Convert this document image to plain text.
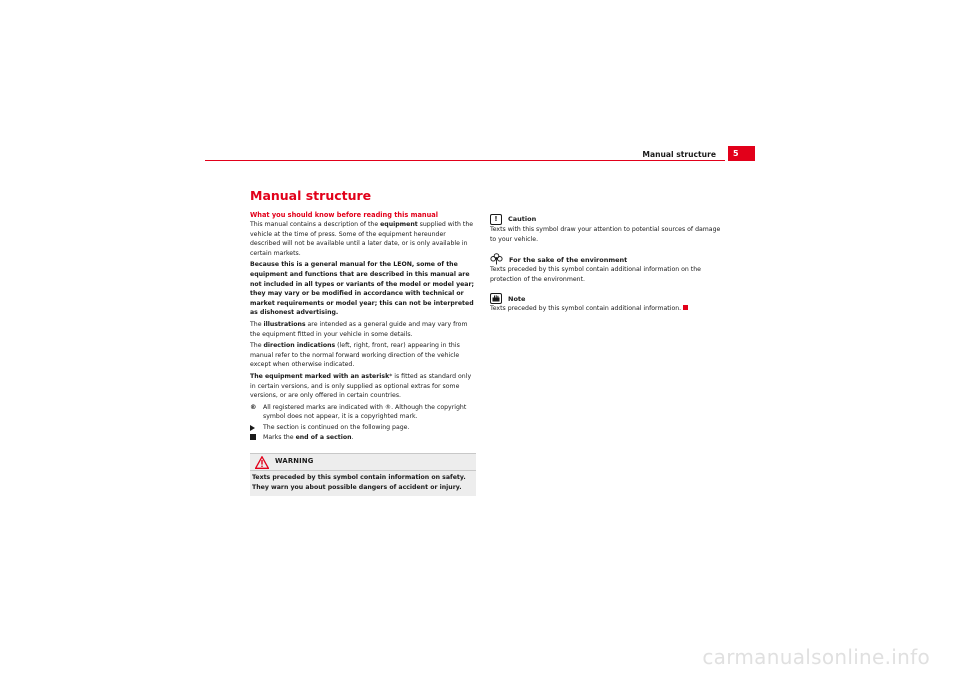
Manual structure	5
Manual structure
What you should know before reading this manual

This manual contains a description of the equipment supplied with the vehicle at the time of press. Some of the equipment hereunder described will not be available until a later date, or is only available in certain markets.

Because this is a general manual for the LEON, some of the equipment and functions that are described in this manual are not included in all types or variants of the model or model year; they may vary or be modified in accordance with technical or market requirements or model year; this can not be interpreted as dishonest advertising.

The illustrations are intended as a general guide and may vary from the equipment fitted in your vehicle in some details.

The direction indications (left, right, front, rear) appearing in this manual refer to the normal forward working direction of the vehicle except when otherwise indicated.

The equipment marked with an asterisk* is fitted as standard only in certain versions, and is only supplied as optional extras for some versions, or are only offered in certain countries.

® All registered marks are indicated with ®. Although the copyright symbol does not appear, it is a copyrighted mark.
The section is continued on the following page.
Marks the end of a section.
WARNING

Texts preceded by this symbol contain information on safety. They warn you about possible dangers of accident or injury.

!	Caution

Texts with this symbol draw your attention to potential sources of damage to your vehicle.

For the sake of the environment

Texts preceded by this symbol contain additional information on the protection of the environment.

Note

Texts preceded by this symbol contain additional information.

carmanualsonline.info
